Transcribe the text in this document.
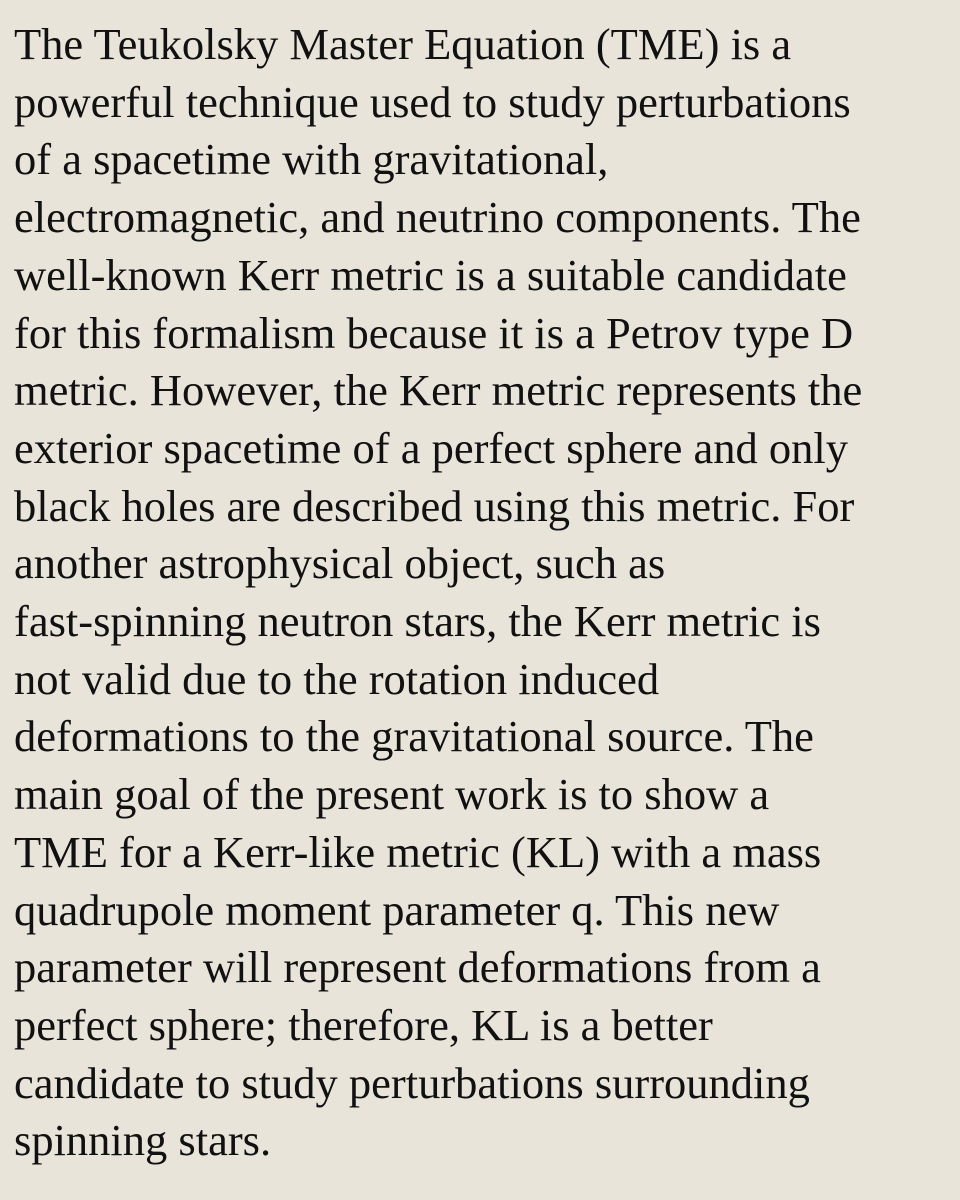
The Teukolsky Master Equation (TME) is a
powerful technique used to study perturbations
of a spacetime with gravitational,
electromagnetic, and neutrino components. The
well-known Kerr metric is a suitable candidate
for this formalism because it is a Petrov type D
metric. However, the Kerr metric represents the
exterior spacetime of a perfect sphere and only
black holes are described using this metric. For
another astrophysical object, such as
fast-spinning neutron stars, the Kerr metric is
not valid due to the rotation induced
deformations to the gravitational source. The
main goal of the present work is to show a
TME for a Kerr-like metric (KL) with a mass
quadrupole moment parameter q. This new
parameter will represent deformations from a
perfect sphere; therefore, KL is a better
candidate to study perturbations surrounding
spinning stars.
